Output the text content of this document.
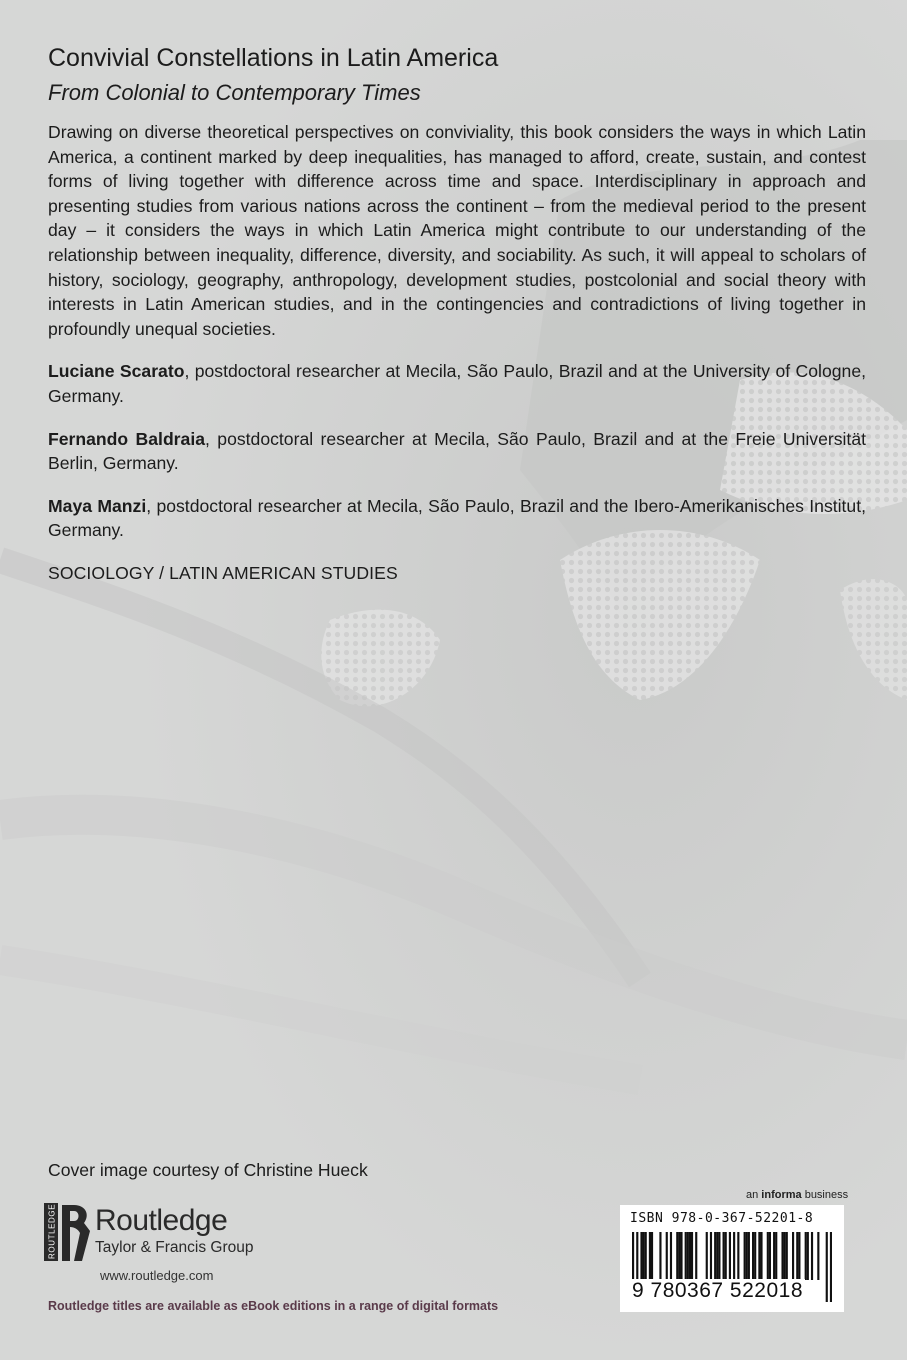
Convivial Constellations in Latin America
From Colonial to Contemporary Times

Drawing on diverse theoretical perspectives on conviviality, this book considers the ways in which Latin America, a continent marked by deep inequalities, has managed to afford, create, sustain, and contest forms of living together with difference across time and space. Interdisciplinary in approach and presenting studies from various nations across the continent – from the medieval period to the present day – it considers the ways in which Latin America might contribute to our understanding of the relationship between inequality, difference, diversity, and sociability. As such, it will appeal to scholars of history, sociology, geography, anthropology, development studies, postcolonial and social theory with interests in Latin American studies, and in the contingencies and contradictions of living together in profoundly unequal societies.

Luciane Scarato, postdoctoral researcher at Mecila, São Paulo, Brazil and at the University of Cologne, Germany.

Fernando Baldraia, postdoctoral researcher at Mecila, São Paulo, Brazil and at the Freie Universität Berlin, Germany.

Maya Manzi, postdoctoral researcher at Mecila, São Paulo, Brazil and the Ibero-Amerikanisches Institut, Germany.

SOCIOLOGY / LATIN AMERICAN STUDIES

Cover image courtesy of Christine Hueck
ROUTLEDGE Routledge
Taylor & Francis Group
www.routledge.com
Routledge titles are available as eBook editions in a range of digital formats
an informa business
ISBN 978-0-367-52201-8
9 780367 522018
